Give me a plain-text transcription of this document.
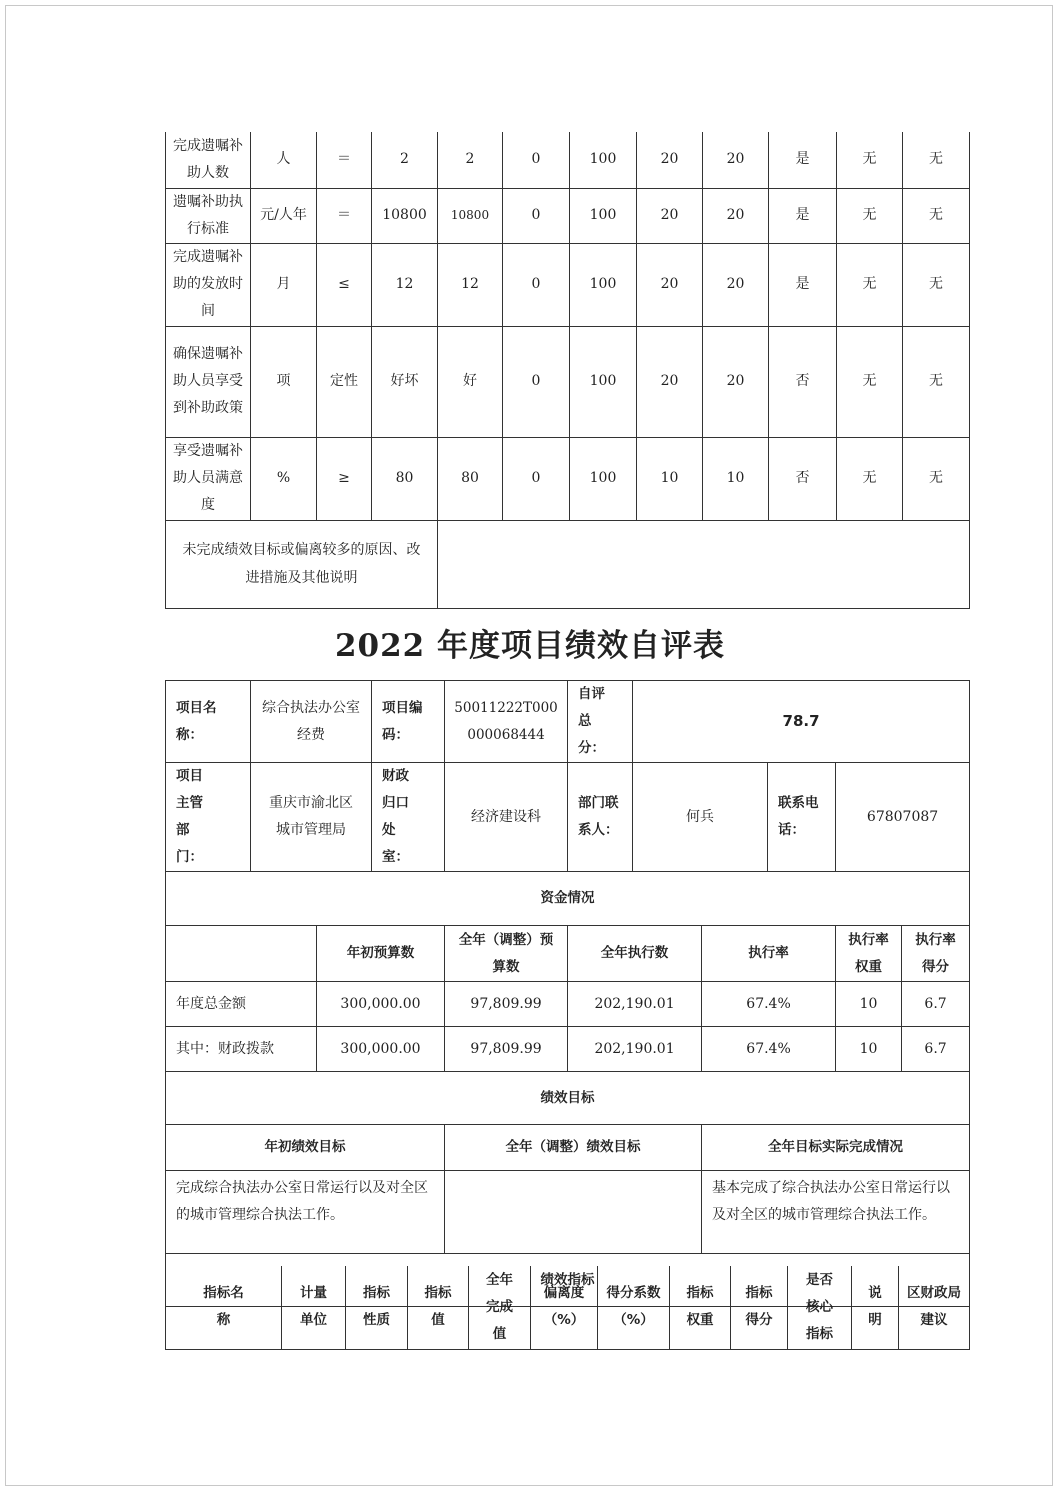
完成遗嘱补助人数	人	＝	2	2	0	100	20	20	是	无	无
遗嘱补助执行标准	元/人年	＝	10800	10800	0	100	20	20	是	无	无
完成遗嘱补助的发放时间	月	≤	12	12	0	100	20	20	是	无	无
确保遗嘱补助人员享受到补助政策	项	定性	好坏	好	0	100	20	20	否	无	无
享受遗嘱补助人员满意度	%	≥	80	80	0	100	10	10	否	无	无
未完成绩效目标或偏离较多的原因、改进措施及其他说明											
2022 年度项目绩效自评表
项目名称：	综合执法办公室经费		项目编码：	50011222T000000068444	自评总分：	78.7				
项目主管部门：	重庆市渝北区城市管理局		财政归口处室：	经济建设科	部门联系人：	何兵		联系电话：	67807087	
资金情况										
		年初预算数		全年（调整）预算数	全年执行数		执行率		执行率权重	执行率得分
年度总金额		300,000.00		97,809.99	202,190.01		67.4%		10	6.7
其中：财政拨款		300,000.00		97,809.99	202,190.01		67.4%		10	6.7
绩效目标										
年初绩效目标				全年（调整）绩效目标			全年目标实际完成情况			
完成综合执法办公室日常运行以及对全区的城市管理综合执法工作。							基本完成了综合执法办公室日常运行以及对全区的城市管理综合执法工作。			
绩效指标										
指标名称	计量单位	指标性质	指标值	全年完成值	偏离度（%）	得分系数（%）	指标权重	指标得分	是否核心指标	说明	区财政局建议
